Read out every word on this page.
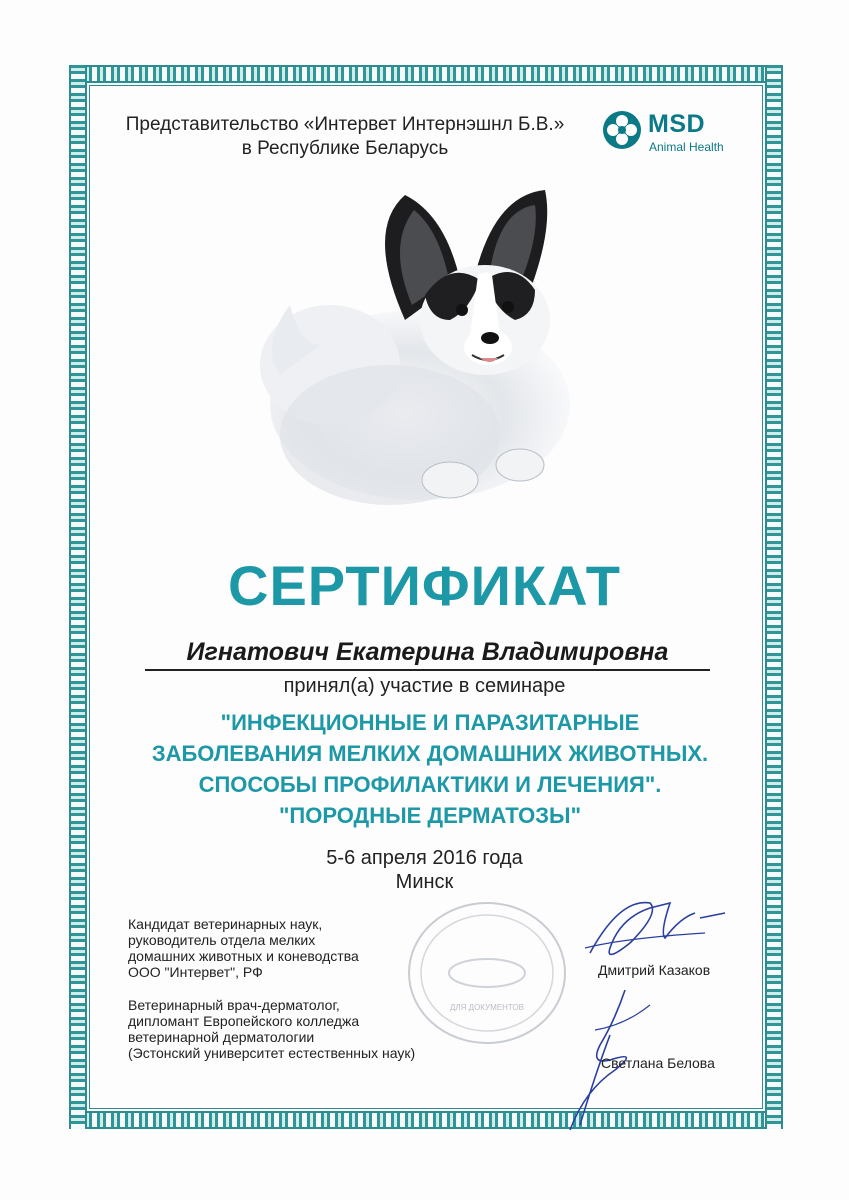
Представительство «Интервет Интернэшнл Б.В.»
в Республике Беларусь
MSD
Animal Health
СЕРТИФИКАТ
Игнатович Екатерина Владимировна
принял(а) участие в семинаре
"ИНФЕКЦИОННЫЕ И ПАРАЗИТАРНЫЕ
ЗАБОЛЕВАНИЯ МЕЛКИХ ДОМАШНИХ ЖИВОТНЫХ.
СПОСОБЫ ПРОФИЛАКТИКИ И ЛЕЧЕНИЯ".
"ПОРОДНЫЕ ДЕРМАТОЗЫ"
5-6 апреля 2016 года
Минск
Кандидат ветеринарных наук,
руководитель отдела мелких
домашних животных и коневодства
ООО "Интервет", РФ
Ветеринарный врач-дерматолог,
дипломант Европейского колледжа
ветеринарной дерматологии
(Эстонский университет естественных наук)
ДЛЯ ДОКУМЕНТОВ
Дмитрий Казаков
Светлана Белова
